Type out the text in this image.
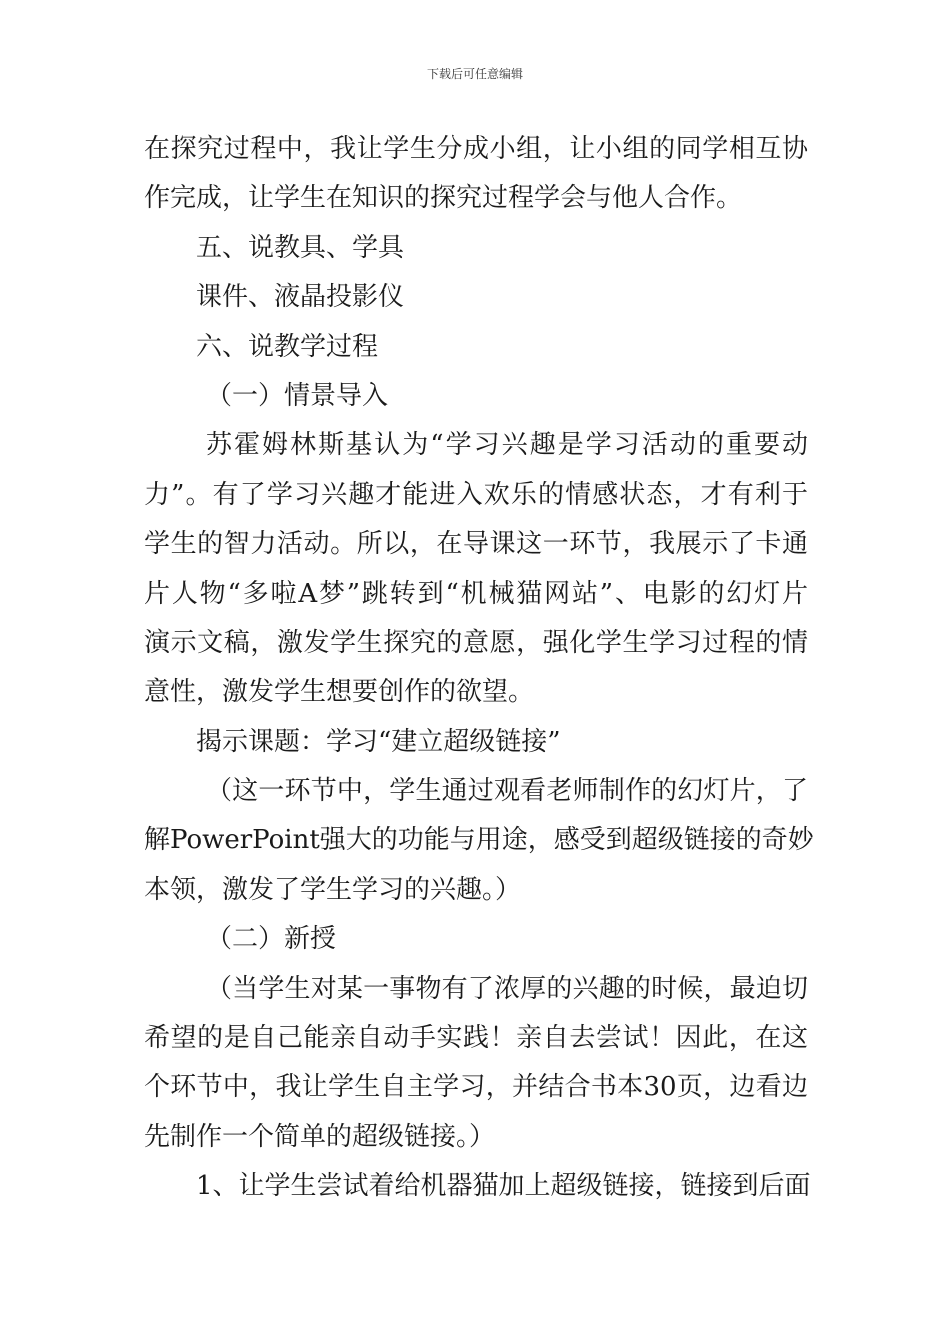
下载后可任意编辑
在探究过程中，我让学生分成小组，让小组的同学相互协
作完成，让学生在知识的探究过程学会与他人合作。
五、说教具、学具
课件、液晶投影仪
六、说教学过程
（一）情景导入
苏霍姆林斯基认为“学习兴趣是学习活动的重要动
力”。有了学习兴趣才能进入欢乐的情感状态，才有利于
学生的智力活动。所以，在导课这一环节，我展示了卡通
片人物“多啦A梦”跳转到“机械猫网站”、电影的幻灯片
演示文稿，激发学生探究的意愿，强化学生学习过程的情
意性，激发学生想要创作的欲望。
揭示课题：学习“建立超级链接”
（这一环节中，学生通过观看老师制作的幻灯片，了
解PowerPoint强大的功能与用途，感受到超级链接的奇妙
本领，激发了学生学习的兴趣。）
（二）新授
（当学生对某一事物有了浓厚的兴趣的时候，最迫切
希望的是自己能亲自动手实践！亲自去尝试！因此，在这
个环节中，我让学生自主学习，并结合书本30页，边看边
先制作一个简单的超级链接。）
1、让学生尝试着给机器猫加上超级链接，链接到后面
